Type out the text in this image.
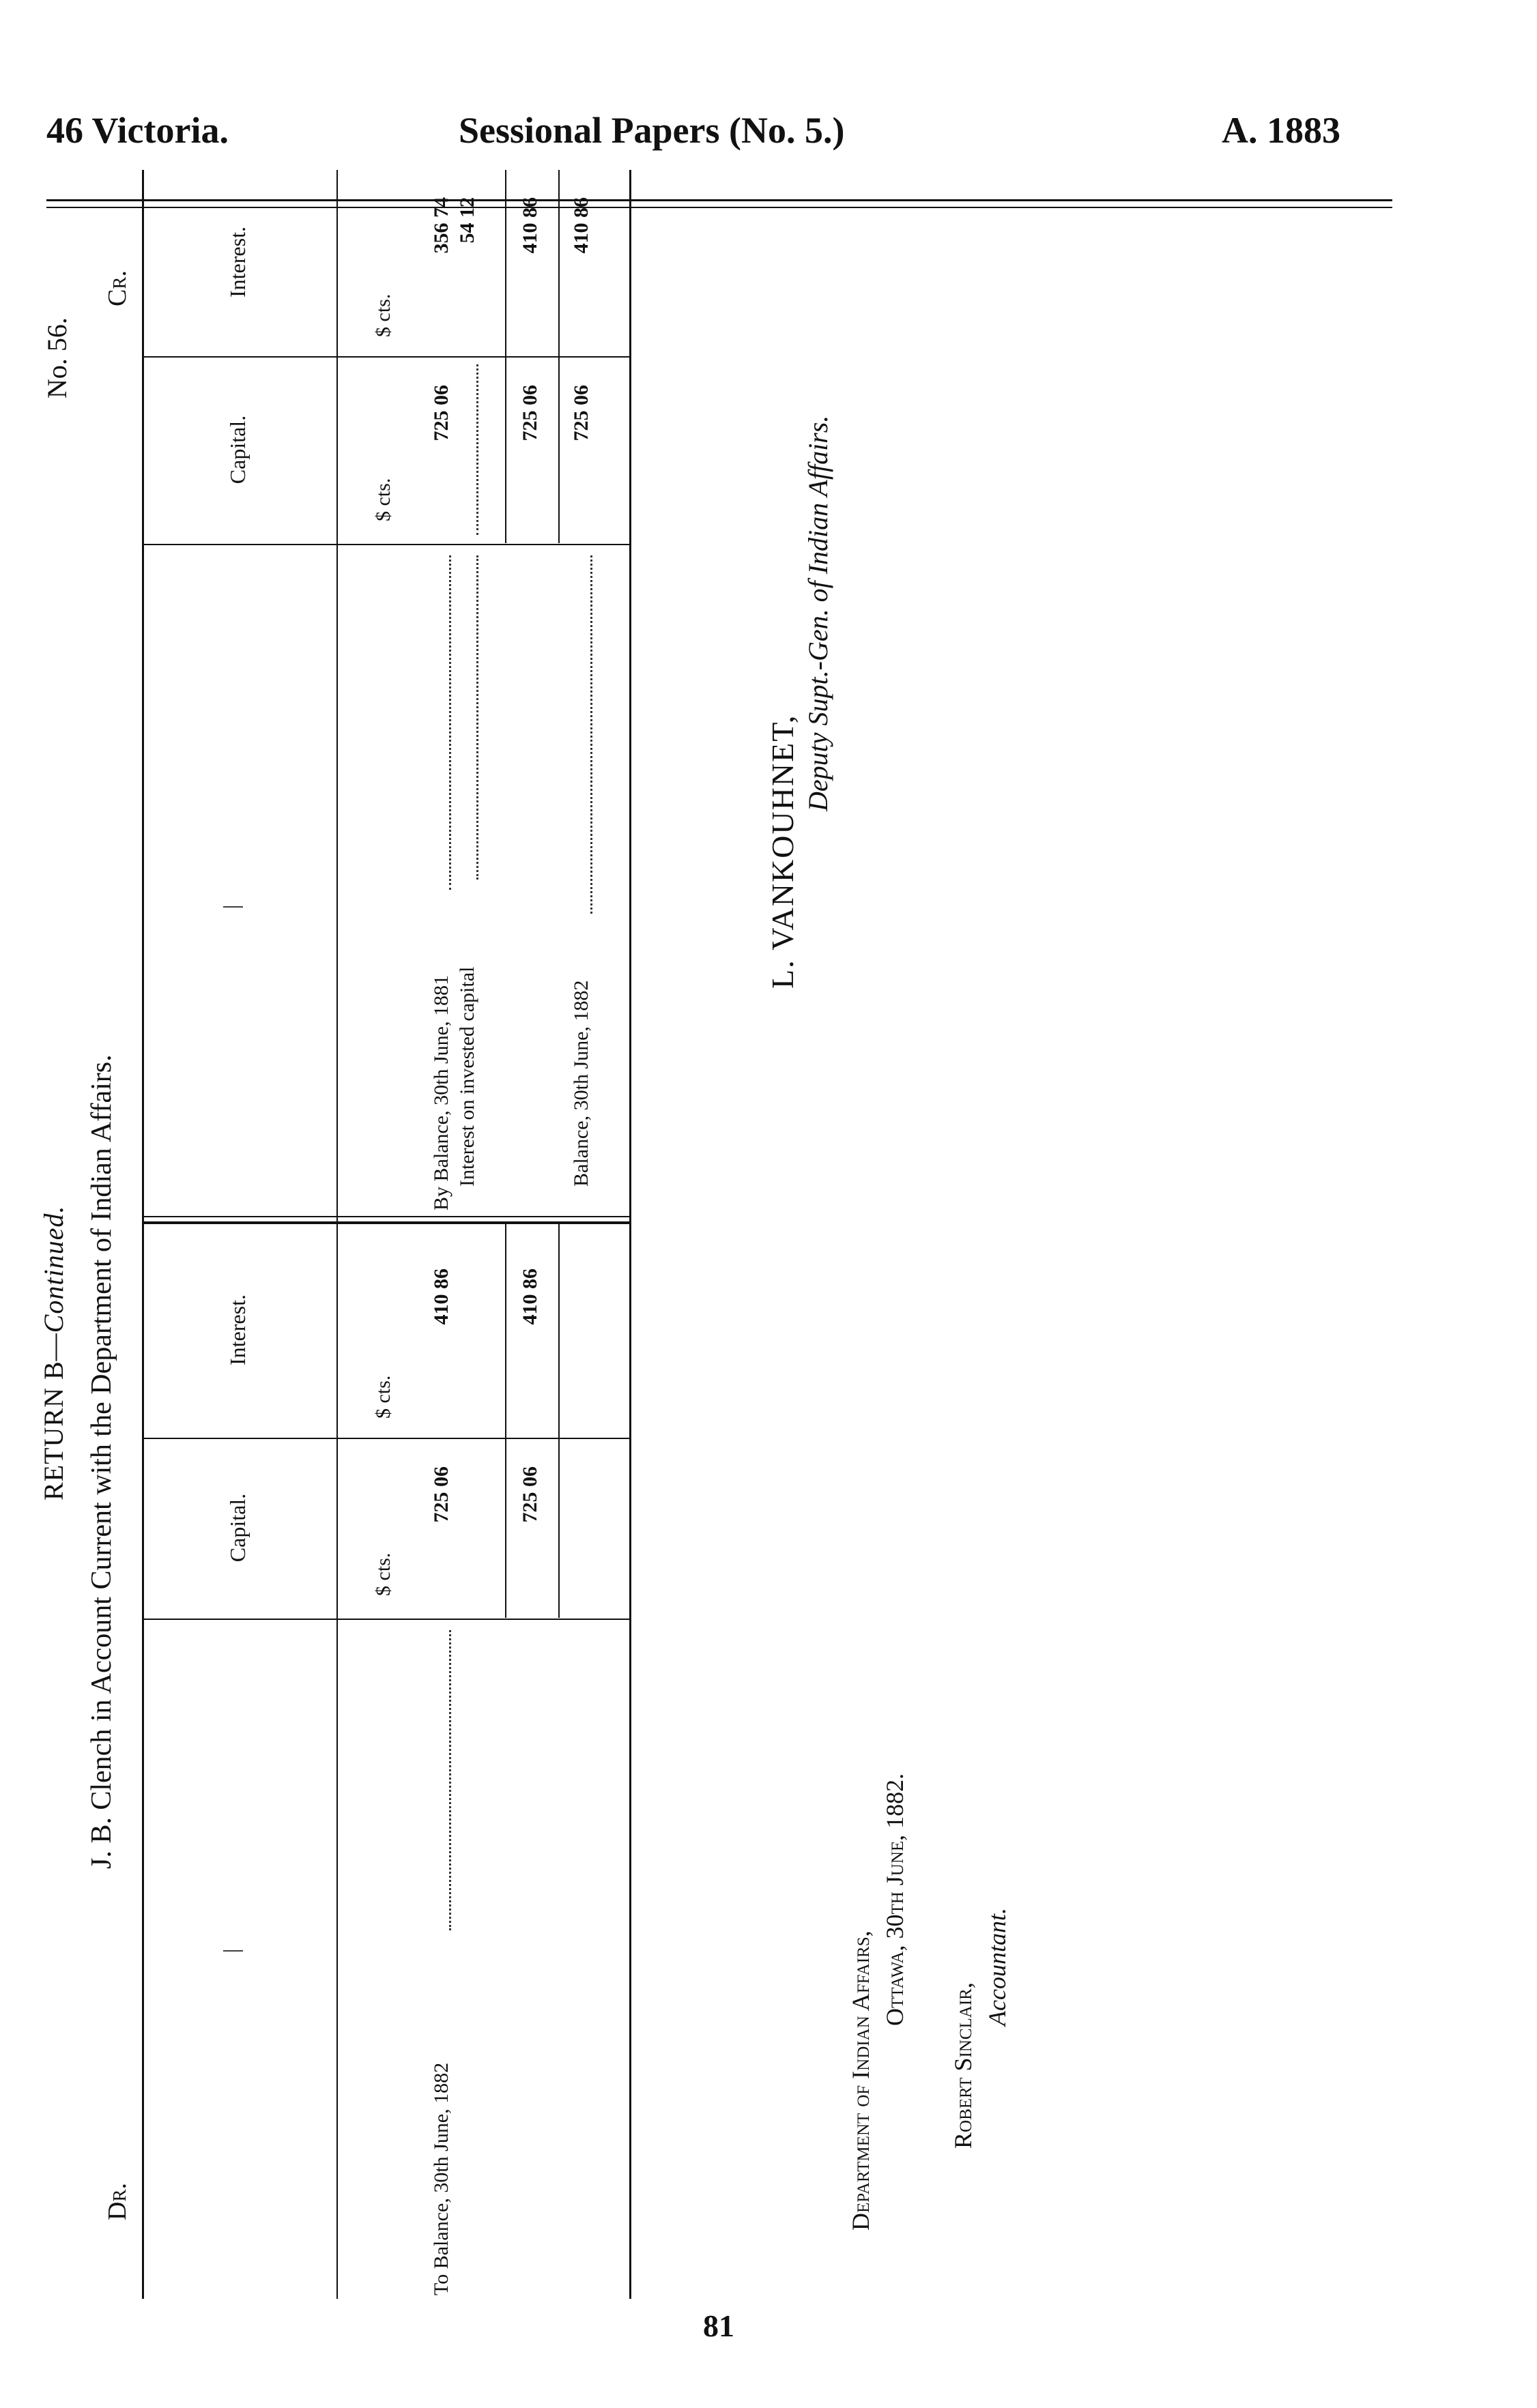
46 Victoria.	Sessional Papers (No. 5.)	A. 1883
No. 56.
RETURN B—Continued. J. B. Clench in Account Current with the Department of Indian Affairs.
Dr.
Cr.
|
Capital.
Interest.
|
Capital.
Interest.
$ cts.
$ cts.
$ cts.
$ cts.
To Balance, 30th June, 1882
725 06
410 86
725 06
410 86
By Balance, 30th June, 1881
725 06
356 74
Interest on invested capital
54 12
725 06
410 86
Balance, 30th June, 1882
725 06
410 86
L. VANKOUHNET,
Deputy Supt.-Gen. of Indian Affairs.
Department of Indian Affairs,
Ottawa, 30th June, 1882.
Robert Sinclair,
Accountant.
81
